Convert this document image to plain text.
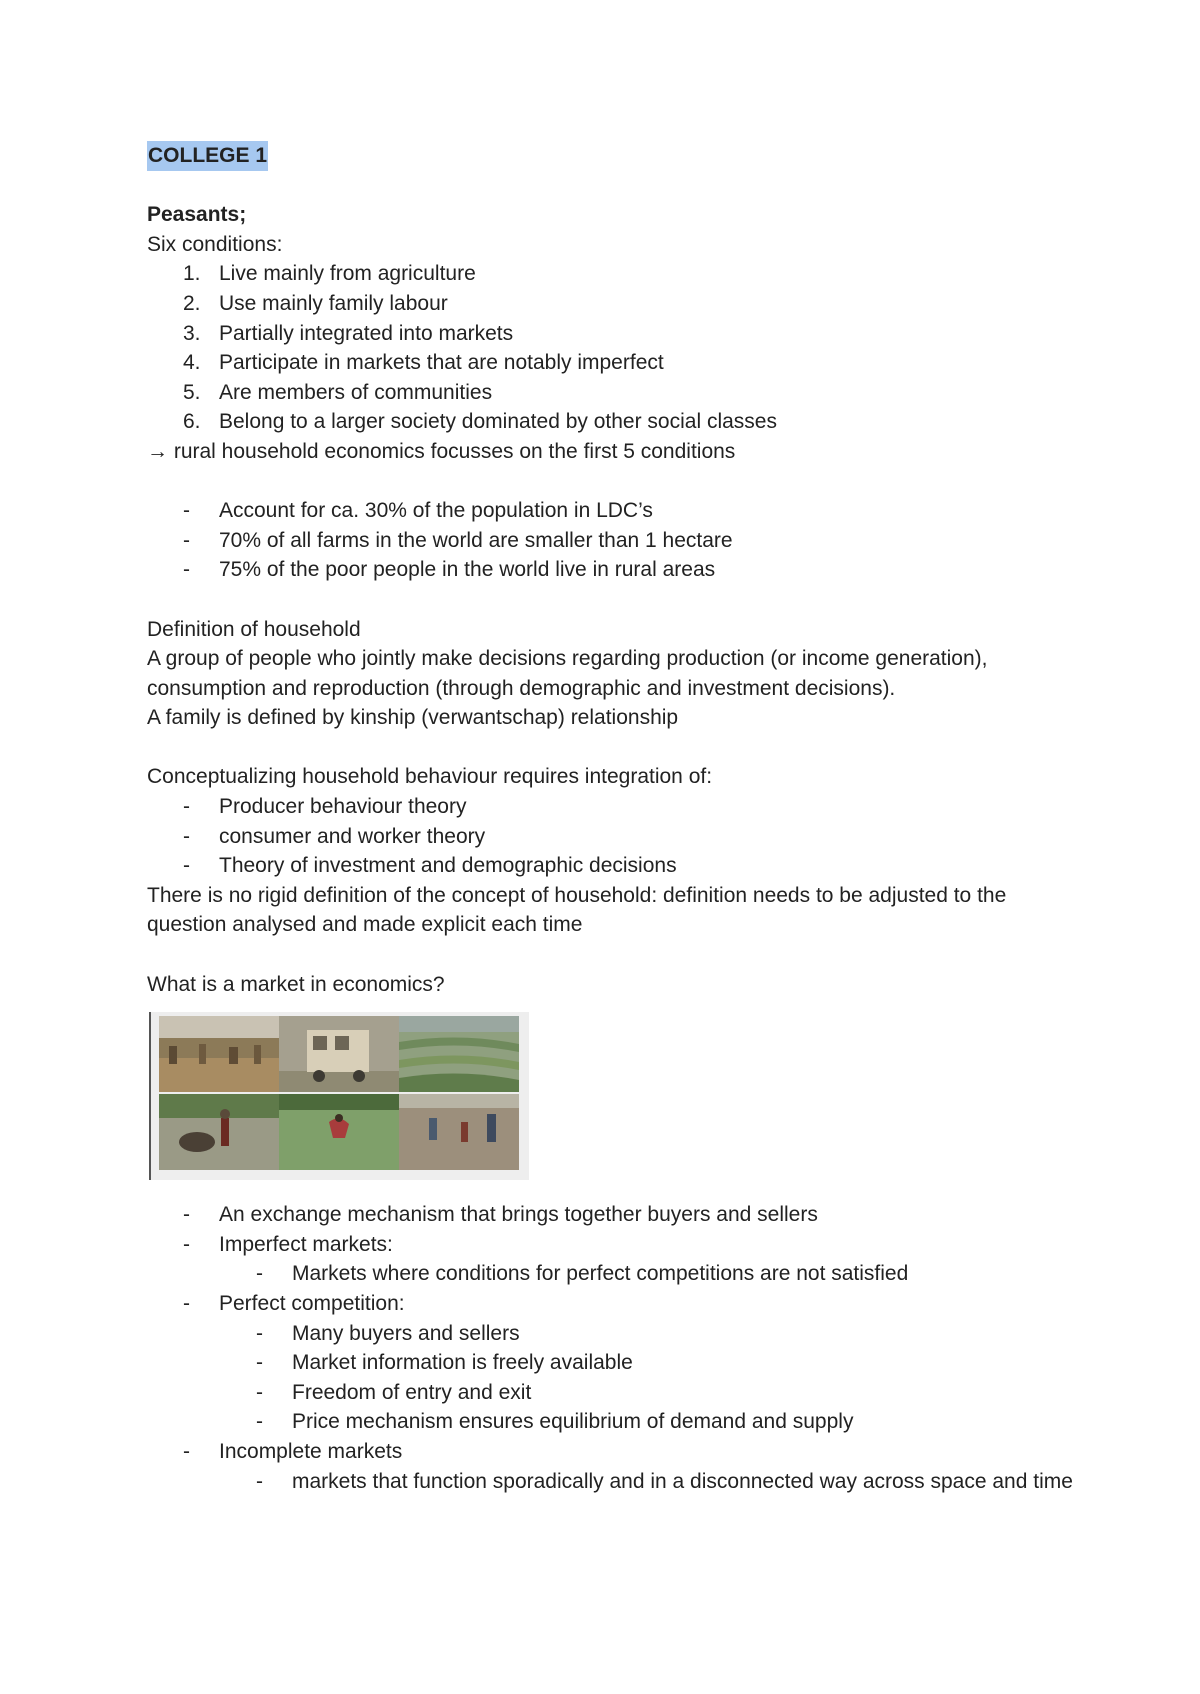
COLLEGE 1
Peasants;
Six conditions:
1. Live mainly from agriculture
2. Use mainly family labour
3. Partially integrated into markets
4. Participate in markets that are notably imperfect
5. Are members of communities
6. Belong to a larger society dominated by other social classes
→ rural household economics focusses on the first 5 conditions
- Account for ca. 30% of the population in LDC’s
- 70% of all farms in the world are smaller than 1 hectare
- 75% of the poor people in the world live in rural areas
Definition of household
A group of people who jointly make decisions regarding production (or income generation),
consumption and reproduction (through demographic and investment decisions).
A family is defined by kinship (verwantschap) relationship
Conceptualizing household behaviour requires integration of:
- Producer behaviour theory
- consumer and worker theory
- Theory of investment and demographic decisions
There is no rigid definition of the concept of household: definition needs to be adjusted to the
question analysed and made explicit each time
What is a market in economics?
- An exchange mechanism that brings together buyers and sellers
- Imperfect markets:
- Markets where conditions for perfect competitions are not satisfied
- Perfect competition:
- Many buyers and sellers
- Market information is freely available
- Freedom of entry and exit
- Price mechanism ensures equilibrium of demand and supply
- Incomplete markets
- markets that function sporadically and in a disconnected way across space and time
